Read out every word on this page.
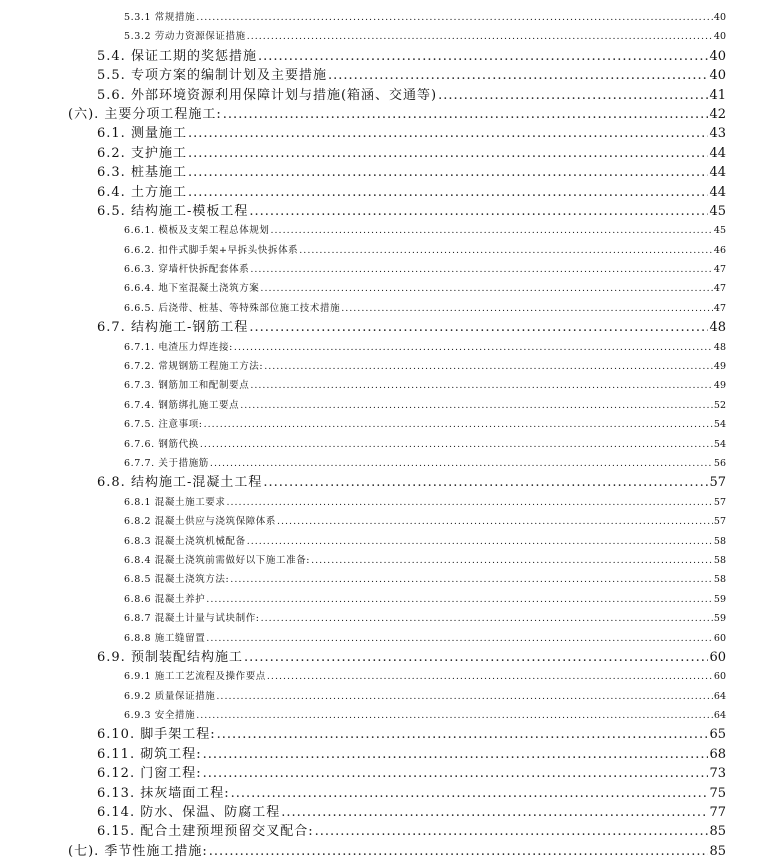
5.3.1 常规措施 .....	40
5.3.2 劳动力资源保证措施 .....	40
5.4. 保证工期的奖惩措施 .....	40
5.5. 专项方案的编制计划及主要措施 .....	40
5.6. 外部环境资源利用保障计划与措施(箱涵、交通等) .....	41
(六). 主要分项工程施工: .....	42
6.1. 测量施工 .....	43
6.2. 支护施工 .....	44
6.3. 桩基施工 .....	44
6.4. 土方施工 .....	44
6.5. 结构施工-模板工程 .....	45
6.6.1. 模板及支架工程总体规划 .....	45
6.6.2. 扣件式脚手架+早拆头快拆体系 .....	46
6.6.3. 穿墙杆快拆配套体系 .....	47
6.6.4. 地下室混凝土浇筑方案 .....	47
6.6.5. 后浇带、桩基、等特殊部位施工技术措施 .....	47
6.7. 结构施工-钢筋工程 .....	48
6.7.1. 电渣压力焊连接: .....	48
6.7.2. 常规钢筋工程施工方法: .....	49
6.7.3. 钢筋加工和配制要点 .....	49
6.7.4. 钢筋绑扎施工要点 .....	52
6.7.5. 注意事项: .....	54
6.7.6. 钢筋代换 .....	54
6.7.7. 关于措施筋 .....	56
6.8. 结构施工-混凝土工程 .....	57
6.8.1 混凝土施工要求 .....	57
6.8.2 混凝土供应与浇筑保障体系 .....	57
6.8.3 混凝土浇筑机械配备 .....	58
6.8.4 混凝土浇筑前需做好以下施工准备: .....	58
6.8.5 混凝土浇筑方法: .....	58
6.8.6 混凝土养护 .....	59
6.8.7 混凝土计量与试块制作: .....	59
6.8.8 施工缝留置 .....	60
6.9. 预制装配结构施工 .....	60
6.9.1 施工工艺流程及操作要点 .....	60
6.9.2 质量保证措施 .....	64
6.9.3 安全措施 .....	64
6.10. 脚手架工程: .....	65
6.11. 砌筑工程: .....	68
6.12. 门窗工程: .....	73
6.13. 抹灰墙面工程: .....	75
6.14. 防水、保温、防腐工程 .....	77
6.15. 配合土建预埋预留交叉配合: .....	85
(七). 季节性施工措施: .....	85
